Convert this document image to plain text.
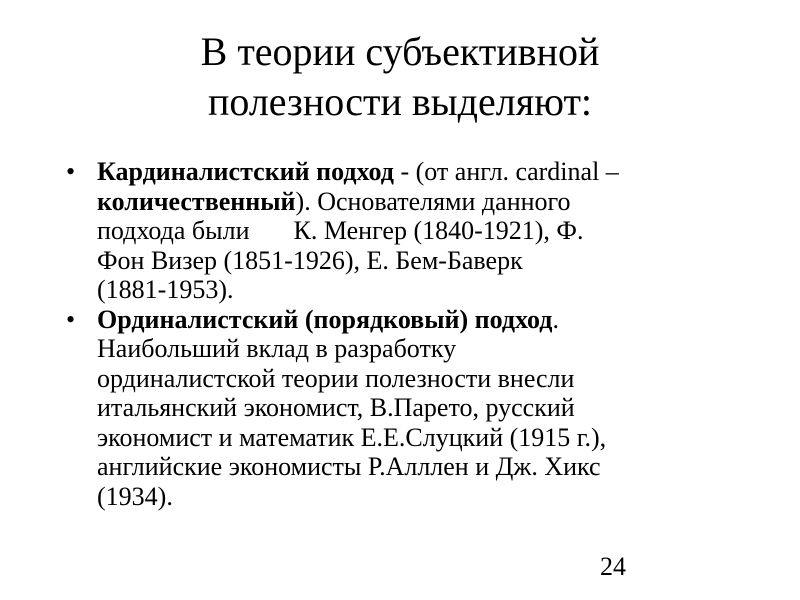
В теории субъективной
полезности выделяют:
• Кардиналистский подход - (от англ. cardinal –
количественный). Основателями данного
подхода были К. Менгер (1840-1921), Ф.
Фон Визер (1851-1926), Е. Бем-Баверк
(1881-1953).
• Ординалистский (порядковый) подход.
Наибольший вклад в разработку
ординалистской теории полезности внесли
итальянский экономист, В.Парето, русский
экономист и математик Е.Е.Слуцкий (1915 г.),
английские экономисты Р.Алллен и Дж. Хикс
(1934).
24
